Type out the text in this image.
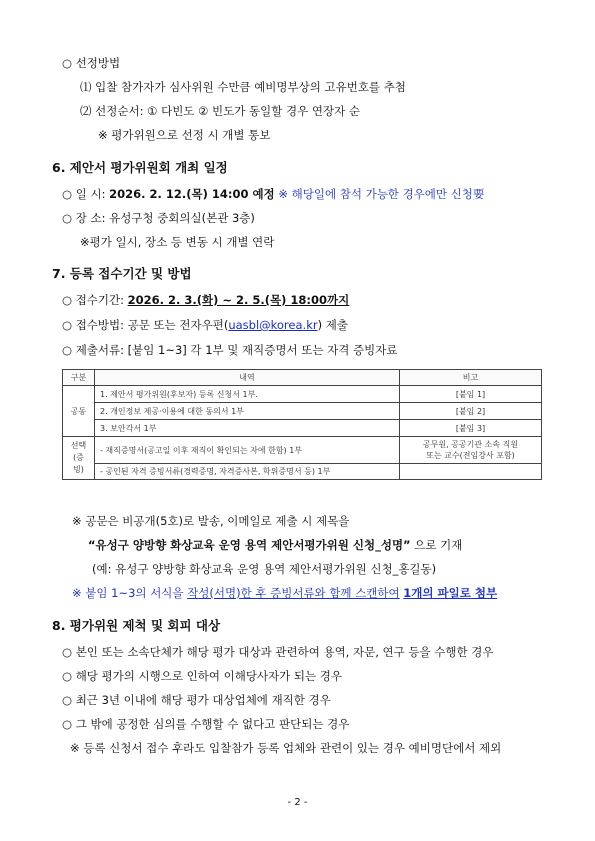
○ 선정방법
⑴ 입찰 참가자가 심사위원 수만큼 예비명부상의 고유번호를 추첨
⑵ 선정순서: ① 다빈도 ② 빈도가 동일할 경우 연장자 순
※ 평가위원으로 선정 시 개별 통보
6. 제안서 평가위원회 개최 일정
○ 일 시: 2026. 2. 12.(목) 14:00 예정 ※ 해당일에 참석 가능한 경우에만 신청要
○ 장 소: 유성구청 중회의실(본관 3층)
※평가 일시, 장소 등 변동 시 개별 연락
7. 등록 접수기간 및 방법
○ 접수기간: 2026. 2. 3.(화) ~ 2. 5.(목) 18:00까지
○ 접수방법: 공문 또는 전자우편(uasbl@korea.kr) 제출
○ 제출서류: [붙임 1~3] 각 1부 및 재직증명서 또는 자격 증빙자료
구분	내역	비고
공동	1. 제안서 평가위원(후보자) 등록 신청서 1부.	[붙임 1]
	2. 개인정보 제공·이용에 대한 동의서 1부	[붙임 2]
	3. 보안각서 1부	[붙임 3]
선택
(증빙)	- 재직증명서(공고일 이후 재직이 확인되는 자에 한함) 1부	공무원, 공공기관 소속 직원
또는 교수(전임강사 포함)
	- 공인된 자격 증빙서류(경력증명, 자격증사본, 학위증명서 등) 1부	
※ 공문은 비공개(5호)로 발송, 이메일로 제출 시 제목을
“유성구 양방향 화상교육 운영 용역 제안서평가위원 신청_성명” 으로 기재
(예: 유성구 양방향 화상교육 운영 용역 제안서평가위원 신청_홍길동)
※ 붙임 1~3의 서식을 작성(서명)한 후 증빙서류와 함께 스캔하여 1개의 파일로 첨부
8. 평가위원 제척 및 회피 대상
○ 본인 또는 소속단체가 해당 평가 대상과 관련하여 용역, 자문, 연구 등을 수행한 경우
○ 해당 평가의 시행으로 인하여 이해당사자가 되는 경우
○ 최근 3년 이내에 해당 평가 대상업체에 재직한 경우
○ 그 밖에 공정한 심의를 수행할 수 없다고 판단되는 경우
※ 등록 신청서 접수 후라도 입찰참가 등록 업체와 관련이 있는 경우 예비명단에서 제외
- 2 -
